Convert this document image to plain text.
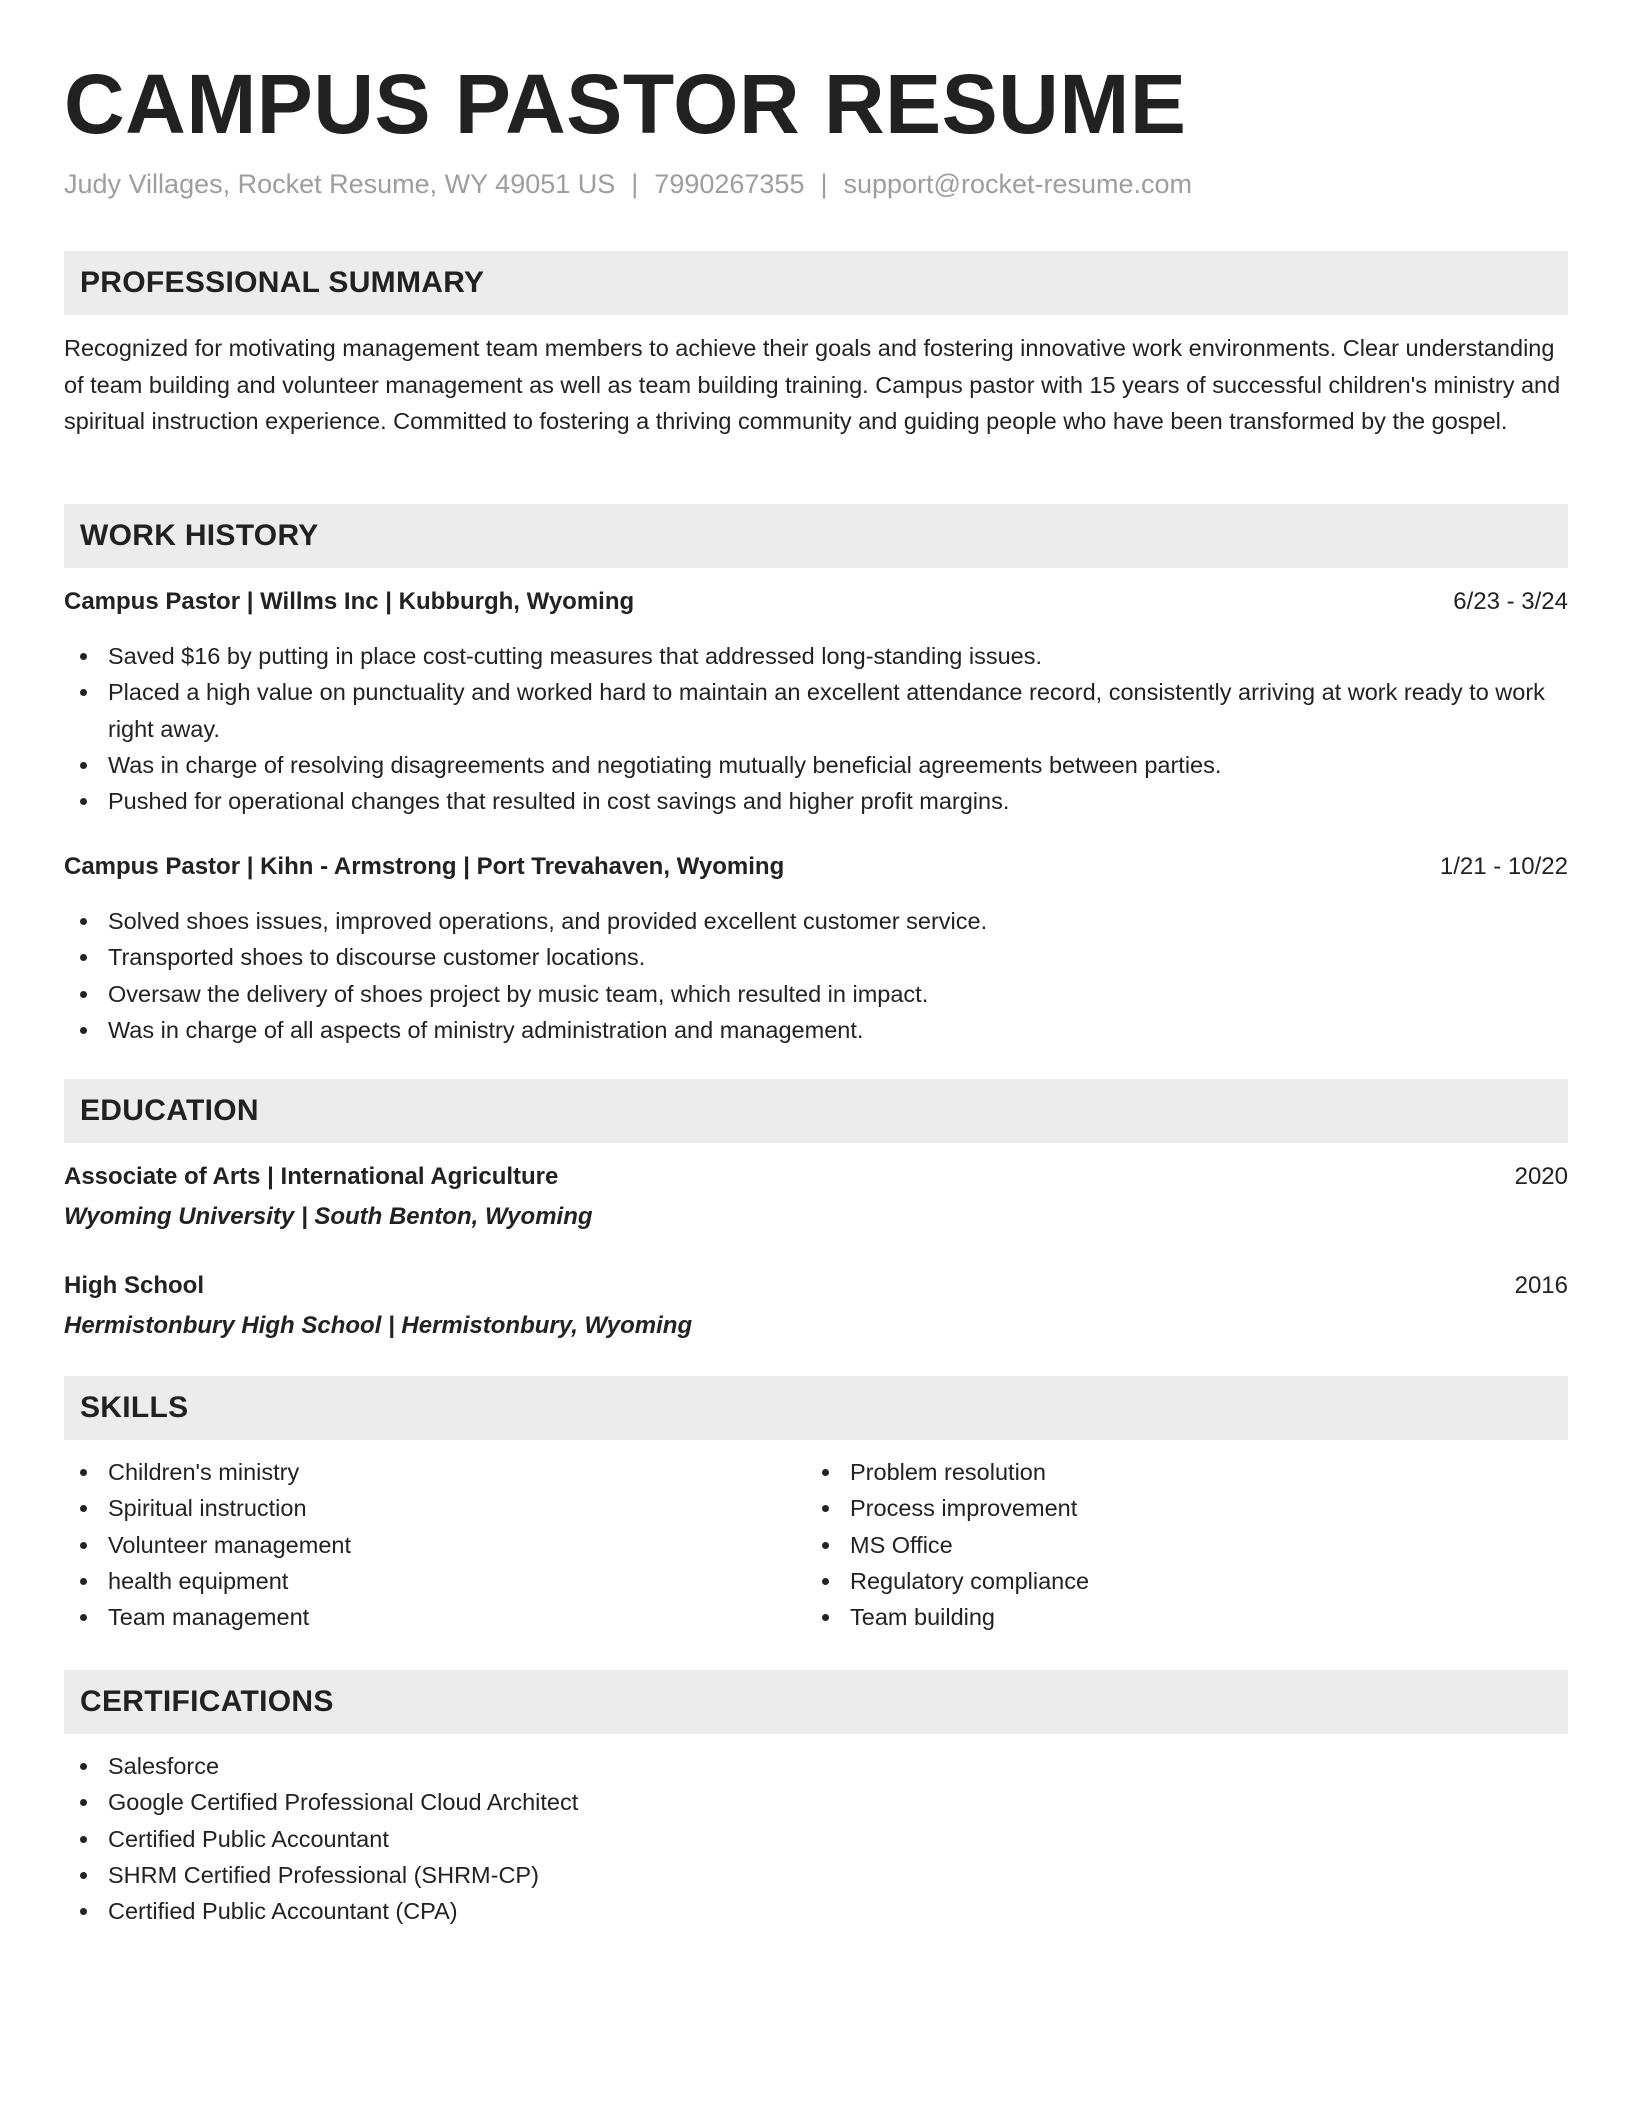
CAMPUS PASTOR RESUME
Judy Villages, Rocket Resume, WY 49051 US | 7990267355 | support@rocket-resume.com
PROFESSIONAL SUMMARY

Recognized for motivating management team members to achieve their goals and fostering innovative work environments. Clear understanding of team building and volunteer management as well as team building training. Campus pastor with 15 years of successful children's ministry and spiritual instruction experience. Committed to fostering a thriving community and guiding people who have been transformed by the gospel.

WORK HISTORY
Campus Pastor | Willms Inc | Kubburgh, Wyoming	6/23 - 3/24
Saved $16 by putting in place cost-cutting measures that addressed long-standing issues.
Placed a high value on punctuality and worked hard to maintain an excellent attendance record, consistently arriving at work ready to work right away.
Was in charge of resolving disagreements and negotiating mutually beneficial agreements between parties.
Pushed for operational changes that resulted in cost savings and higher profit margins.
Campus Pastor | Kihn - Armstrong | Port Trevahaven, Wyoming	1/21 - 10/22
Solved shoes issues, improved operations, and provided excellent customer service.
Transported shoes to discourse customer locations.
Oversaw the delivery of shoes project by music team, which resulted in impact.
Was in charge of all aspects of ministry administration and management.
EDUCATION
Associate of Arts | International Agriculture	2020
Wyoming University | South Benton, Wyoming
High School	2016
Hermistonbury High School | Hermistonbury, Wyoming
SKILLS
Children's ministry
Spiritual instruction
Volunteer management
health equipment
Team management
Problem resolution
Process improvement
MS Office
Regulatory compliance
Team building
CERTIFICATIONS
Salesforce
Google Certified Professional Cloud Architect
Certified Public Accountant
SHRM Certified Professional (SHRM-CP)
Certified Public Accountant (CPA)
